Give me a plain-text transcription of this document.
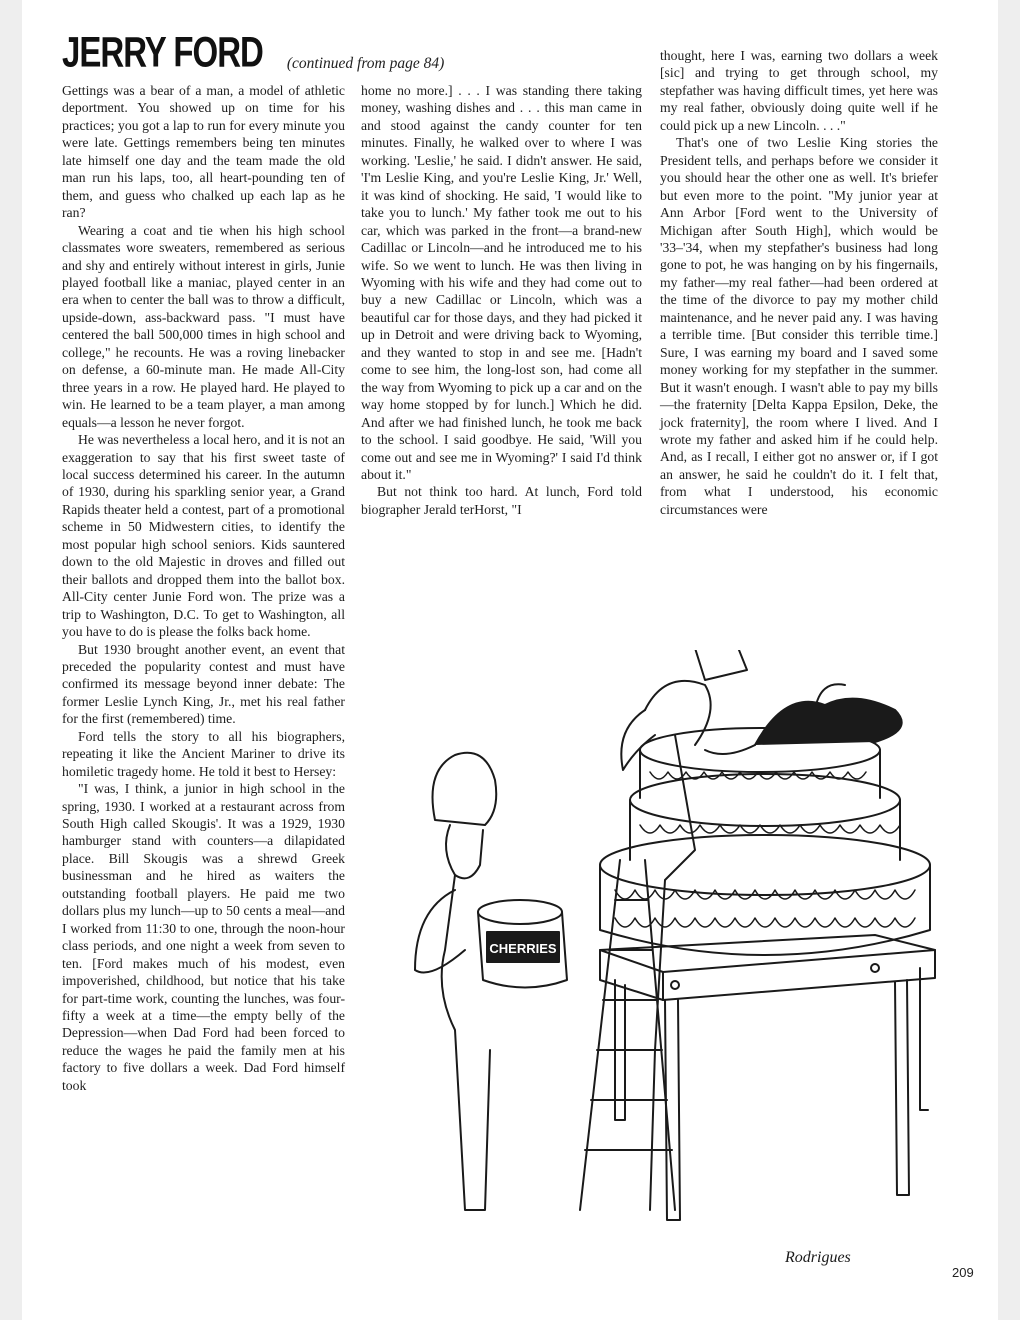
JERRY FORD (continued from page 84)

Gettings was a bear of a man, a model of athletic deportment. You showed up on time for his practices; you got a lap to run for every minute you were late. Gettings remembers being ten minutes late himself one day and the team made the old man run his laps, too, all heart-pounding ten of them, and guess who chalked up each lap as he ran?

Wearing a coat and tie when his high school classmates wore sweaters, remembered as serious and shy and entirely without interest in girls, Junie played football like a maniac, played center in an era when to center the ball was to throw a difficult, upside-down, ass-backward pass. "I must have centered the ball 500,000 times in high school and college," he recounts. He was a roving linebacker on defense, a 60-minute man. He made All-City three years in a row. He played hard. He played to win. He learned to be a team player, a man among equals—a lesson he never forgot.

He was nevertheless a local hero, and it is not an exaggeration to say that his first sweet taste of local success determined his career. In the autumn of 1930, during his sparkling senior year, a Grand Rapids theater held a contest, part of a promotional scheme in 50 Midwestern cities, to identify the most popular high school seniors. Kids sauntered down to the old Majestic in droves and filled out their ballots and dropped them into the ballot box. All-City center Junie Ford won. The prize was a trip to Washington, D.C. To get to Washington, all you have to do is please the folks back home.

But 1930 brought another event, an event that preceded the popularity contest and must have confirmed its message beyond inner debate: The former Leslie Lynch King, Jr., met his real father for the first (remembered) time.

Ford tells the story to all his biographers, repeating it like the Ancient Mariner to drive its homiletic tragedy home. He told it best to Hersey:

"I was, I think, a junior in high school in the spring, 1930. I worked at a restaurant across from South High called Skougis'. It was a 1929, 1930 hamburger stand with counters—a dilapidated place. Bill Skougis was a shrewd Greek businessman and he hired as waiters the outstanding football players. He paid me two dollars plus my lunch—up to 50 cents a meal—and I worked from 11:30 to one, through the noon-hour class periods, and one night a week from seven to ten. [Ford makes much of his modest, even impoverished, childhood, but notice that his take for part-time work, counting the lunches, was four-fifty a week at a time—the empty belly of the Depression—when Dad Ford had been forced to reduce the wages he paid the family men at his factory to five dollars a week. Dad Ford himself took

home no more.] . . . I was standing there taking money, washing dishes and . . . this man came in and stood against the candy counter for ten minutes. Finally, he walked over to where I was working. 'Leslie,' he said. I didn't answer. He said, 'I'm Leslie King, and you're Leslie King, Jr.' Well, it was kind of shocking. He said, 'I would like to take you to lunch.' My father took me out to his car, which was parked in the front—a brand-new Cadillac or Lincoln—and he introduced me to his wife. So we went to lunch. He was then living in Wyoming with his wife and they had come out to buy a new Cadillac or Lincoln, which was a beautiful car for those days, and they had picked it up in Detroit and were driving back to Wyoming, and they wanted to stop in and see me. [Hadn't come to see him, the long-lost son, had come all the way from Wyoming to pick up a car and on the way home stopped by for lunch.] Which he did. And after we had finished lunch, he took me back to the school. I said goodbye. He said, 'Will you come out and see me in Wyoming?' I said I'd think about it."

But not think too hard. At lunch, Ford told biographer Jerald terHorst, "I

thought, here I was, earning two dollars a week [sic] and trying to get through school, my stepfather was having difficult times, yet here was my real father, obviously doing quite well if he could pick up a new Lincoln. . . ."

That's one of two Leslie King stories the President tells, and perhaps before we consider it you should hear the other one as well. It's briefer but even more to the point. "My junior year at Ann Arbor [Ford went to the University of Michigan after South High], which would be '33–'34, when my stepfather's business had long gone to pot, he was hanging on by his fingernails, my father—my real father—had been ordered at the time of the divorce to pay my mother child maintenance, and he never paid any. I was having a terrible time. [But consider this terrible time.] Sure, I was earning my board and I saved some money working for my stepfather in the summer. But it wasn't enough. I wasn't able to pay my bills—the fraternity [Delta Kappa Epsilon, Deke, the jock fraternity], the room where I lived. And I wrote my father and asked him if he could help. And, as I recall, I either got no answer or, if I got an answer, he said he couldn't do it. I felt that, from what I understood, his economic circumstances were

CHERRIES
Rodrigues
209
